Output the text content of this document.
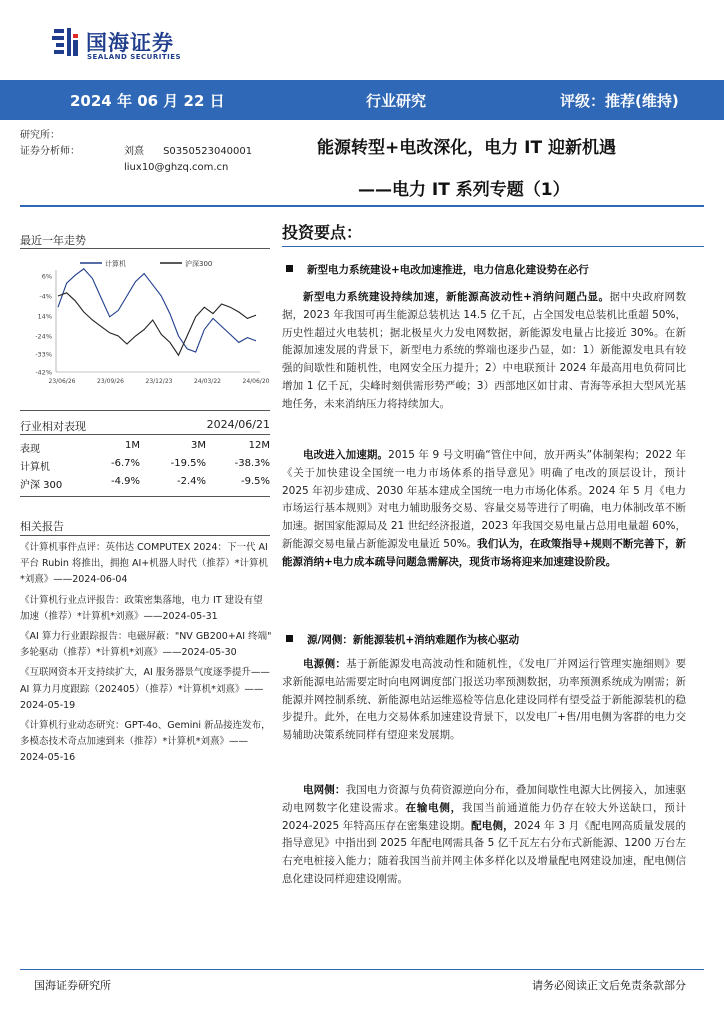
国海证券
SEALAND SECURITIES
2024 年 06 月 22 日	行业研究	评级：推荐(维持)
研究所：
证券分析师：	刘熹 S0350523040001
liux10@ghzq.com.cn
能源转型+电改深化，电力 IT 迎新机遇
——电力 IT 系列专题（1）
最近一年走势
计算机	沪深300
6%
-4%
14%
-24%
-33%
-42%
23/06/26	23/09/26	23/12/23	24/03/22	24/06/20
行业相对表现	2024/06/21
表现	1M	3M	12M
计算机	-6.7%	-19.5%	-38.3%
沪深 300	-4.9%	-2.4%	-9.5%
相关报告
《计算机事件点评：英伟达 COMPUTEX 2024：下一代 AI 平台 Rubin 将推出，拥抱 AI+机器人时代（推荐）*计算机*刘熹》——2024-06-04
《计算机行业点评报告：政策密集落地，电力 IT 建设有望加速（推荐）*计算机*刘熹》——2024-05-31
《AI 算力行业跟踪报告：电磁屏蔽："NV GB200+AI 终端" 多轮驱动（推荐）*计算机*刘熹》——2024-05-30
《互联网资本开支持续扩大，AI 服务器景气度逐季提升——AI 算力月度跟踪（202405）（推荐）*计算机*刘熹》——2024-05-19
《计算机行业动态研究：GPT-4o、Gemini 新品接连发布，多模态技术奇点加速到来（推荐）*计算机*刘熹》——2024-05-16
投资要点：
新型电力系统建设+电改加速推进，电力信息化建设势在必行
新型电力系统建设持续加速，新能源高波动性+消纳问题凸显。据中央政府网数据，2023 年我国可再生能源总装机达 14.5 亿千瓦，占全国发电总装机比重超 50%，历史性超过火电装机；据北极星火力发电网数据，新能源发电量占比接近 30%。在新能源加速发展的背景下，新型电力系统的弊端也逐步凸显，如：1）新能源发电具有较强的间歇性和随机性，电网安全压力提升；2）中电联预计 2024 年最高用电负荷同比增加 1 亿千瓦，尖峰时刻供需形势严峻；3）西部地区如甘肃、青海等承担大型风光基地任务，未来消纳压力将持续加大。
电改进入加速期。2015 年 9 号文明确“管住中间，放开两头”体制架构；2022 年《关于加快建设全国统一电力市场体系的指导意见》明确了电改的顶层设计，预计 2025 年初步建成、2030 年基本建成全国统一电力市场化体系。2024 年 5 月《电力市场运行基本规则》对电力辅助服务交易、容量交易等进行了明确，电力体制改革不断加速。据国家能源局及 21 世纪经济报道，2023 年我国交易电量占总用电量超 60%，新能源交易电量占新能源发电量近 50%。我们认为，在政策指导+规则不断完善下，新能源消纳+电力成本疏导问题急需解决，现货市场将迎来加速建设阶段。
源/网侧：新能源装机+消纳难题作为核心驱动
电源侧：基于新能源发电高波动性和随机性，《发电厂并网运行管理实施细则》要求新能源电站需要定时向电网调度部门报送功率预测数据，功率预测系统成为刚需；新能源并网控制系统、新能源电站运维巡检等信息化建设同样有望受益于新能源装机的稳步提升。此外，在电力交易体系加速建设背景下，以发电厂+售/用电侧为客群的电力交易辅助决策系统同样有望迎来发展期。
电网侧：我国电力资源与负荷资源逆向分布，叠加间歇性电源大比例接入，加速驱动电网数字化建设需求。在输电侧，我国当前通道能力仍存在较大外送缺口，预计 2024-2025 年特高压存在密集建设期。配电侧，2024 年 3 月《配电网高质量发展的指导意见》中指出到 2025 年配电网需具备 5 亿千瓦左右分布式新能源、1200 万台左右充电桩接入能力；随着我国当前并网主体多样化以及增量配电网建设加速，配电侧信息化建设同样迎建设刚需。
国海证券研究所	请务必阅读正文后免责条款部分
